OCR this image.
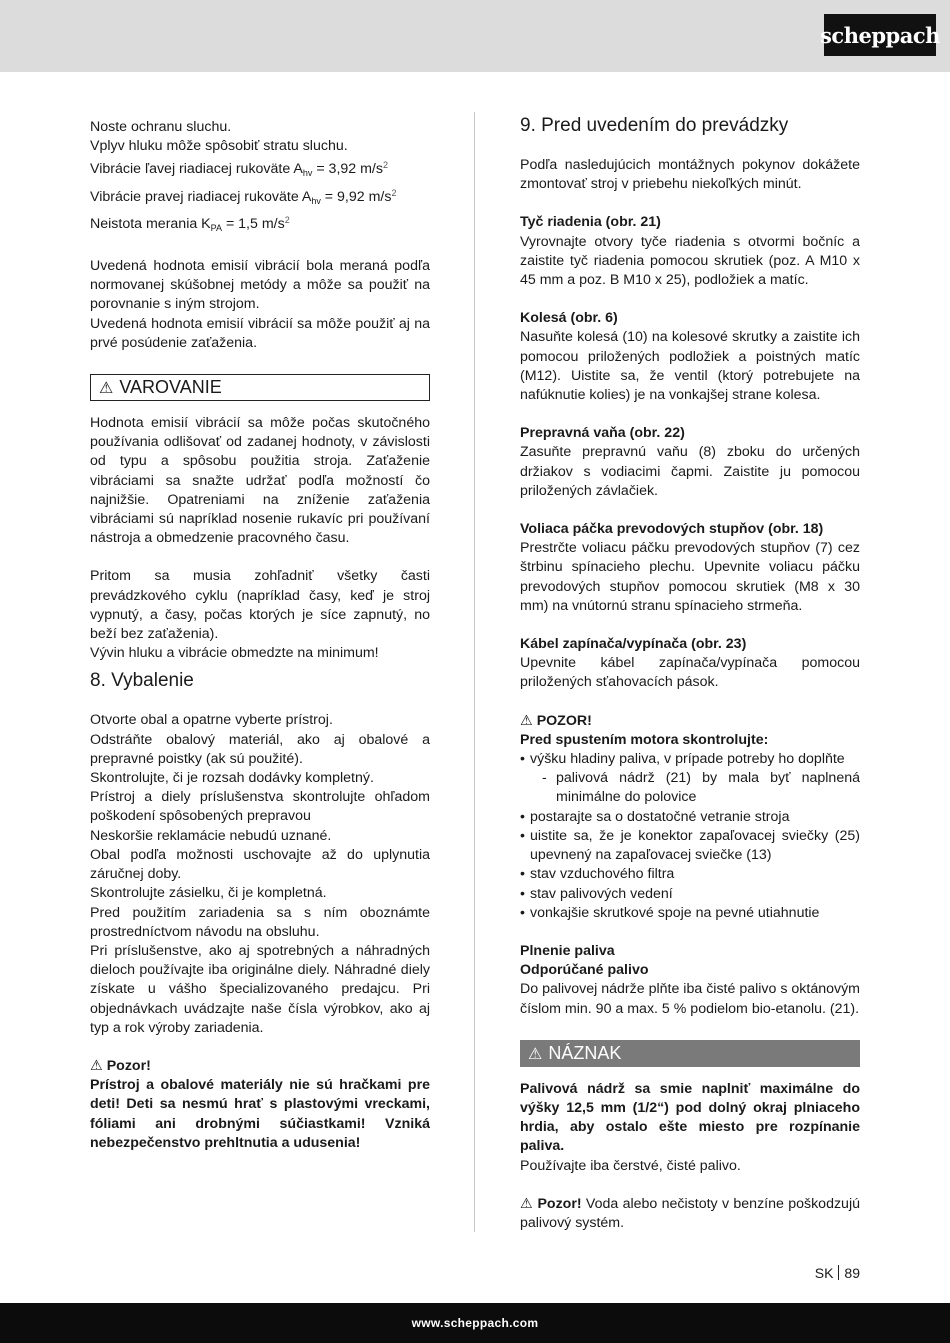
scheppach

Noste ochranu sluchu.

Vplyv hluku môže spôsobiť stratu sluchu.

Vibrácie ľavej riadiacej rukoväte $A_{hv} = 3,92$ $m/s^2$

Vibrácie pravej riadiacej rukoväte $A_{hv} = 9,92$ $m/s^2$

Neistota merania $K_{PA} = 1,5$ $m/s^2$

Uvedená hodnota emisií vibrácií bola meraná podľa normovanej skúšobnej metódy a môže sa použiť na porovnanie s iným strojom.

Uvedená hodnota emisií vibrácií sa môže použiť aj na prvé posúdenie zaťaženia.

⚠ VAROVANIE

Hodnota emisií vibrácií sa môže počas skutočného používania odlišovať od zadanej hodnoty, v závislosti od typu a spôsobu použitia stroja. Zaťaženie vibráciami sa snažte udržať podľa možností čo najnižšie. Opatreniami na zníženie zaťaženia vibráciami sú napríklad nosenie rukavíc pri používaní nástroja a obmedzenie pracovného času.

Pritom sa musia zohľadniť všetky časti prevádzkového cyklu (napríklad časy, keď je stroj vypnutý, a časy, počas ktorých je síce zapnutý, no beží bez zaťaženia).

Vývin hluku a vibrácie obmedzte na minimum!

8. Vybalenie

Otvorte obal a opatrne vyberte prístroj.

Odstráňte obalový materiál, ako aj obalové a prepravné poistky (ak sú použité).

Skontrolujte, či je rozsah dodávky kompletný.

Prístroj a diely príslušenstva skontrolujte ohľadom poškodení spôsobených prepravou

Neskoršie reklamácie nebudú uznané.

Obal podľa možnosti uschovajte až do uplynutia záručnej doby.

Skontrolujte zásielku, či je kompletná.

Pred použitím zariadenia sa s ním oboznámte prostredníctvom návodu na obsluhu.

Pri príslušenstve, ako aj spotrebných a náhradných dieloch používajte iba originálne diely. Náhradné diely získate u vášho špecializovaného predajcu. Pri objednávkach uvádzajte naše čísla výrobkov, ako aj typ a rok výroby zariadenia.

⚠ Pozor!

Prístroj a obalové materiály nie sú hračkami pre deti! Deti sa nesmú hrať s plastovými vreckami, fóliami ani drobnými súčiastkami! Vzniká nebezpečenstvo prehltnutia a udusenia!

9. Pred uvedením do prevádzky

Podľa nasledujúcich montážnych pokynov dokážete zmontovať stroj v priebehu niekoľkých minút.

Tyč riadenia (obr. 21)

Vyrovnajte otvory tyče riadenia s otvormi bočníc a zaistite tyč riadenia pomocou skrutiek (poz. A M10 x 45 mm a poz. B M10 x 25), podložiek a matíc.

Kolesá (obr. 6)

Nasuňte kolesá (10) na kolesové skrutky a zaistite ich pomocou priložených podložiek a poistných matíc (M12). Uistite sa, že ventil (ktorý potrebujete na nafúknutie kolies) je na vonkajšej strane kolesa.

Prepravná vaňa (obr. 22)

Zasuňte prepravnú vaňu (8) zboku do určených držiakov s vodiacimi čapmi. Zaistite ju pomocou priložených závlačiek.

Voliaca páčka prevodových stupňov (obr. 18)

Prestrčte voliacu páčku prevodových stupňov (7) cez štrbinu spínacieho plechu. Upevnite voliacu páčku prevodových stupňov pomocou skrutiek (M8 x 30 mm) na vnútornú stranu spínacieho strmeňa.

Kábel zapínača/vypínača (obr. 23)

Upevnite kábel zapínača/vypínača pomocou priložených sťahovacích pások.

⚠ POZOR!

Pred spustením motora skontrolujte:

• výšku hladiny paliva, v prípade potreby ho doplňte
- palivová nádrž (21) by mala byť naplnená minimálne do polovice
• postarajte sa o dostatočné vetranie stroja
• uistite sa, že je konektor zapaľovacej sviečky (25) upevnený na zapaľovacej sviečke (13)
• stav vzduchového filtra
• stav palivových vedení
• vonkajšie skrutkové spoje na pevné utiahnutie

Plnenie paliva

Odporúčané palivo

Do palivovej nádrže plňte iba čisté palivo s oktánovým číslom min. 90 a max. 5 % podielom bio-etanolu. (21).

⚠ NÁZNAK

Palivová nádrž sa smie naplniť maximálne do výšky 12,5 mm (1/2“) pod dolný okraj plniaceho hrdia, aby ostalo ešte miesto pre rozpínanie paliva.

Používajte iba čerstvé, čisté palivo.

⚠ Pozor! Voda alebo nečistoty v benzíne poškodzujú palivový systém.

SK 89
www.scheppach.com
